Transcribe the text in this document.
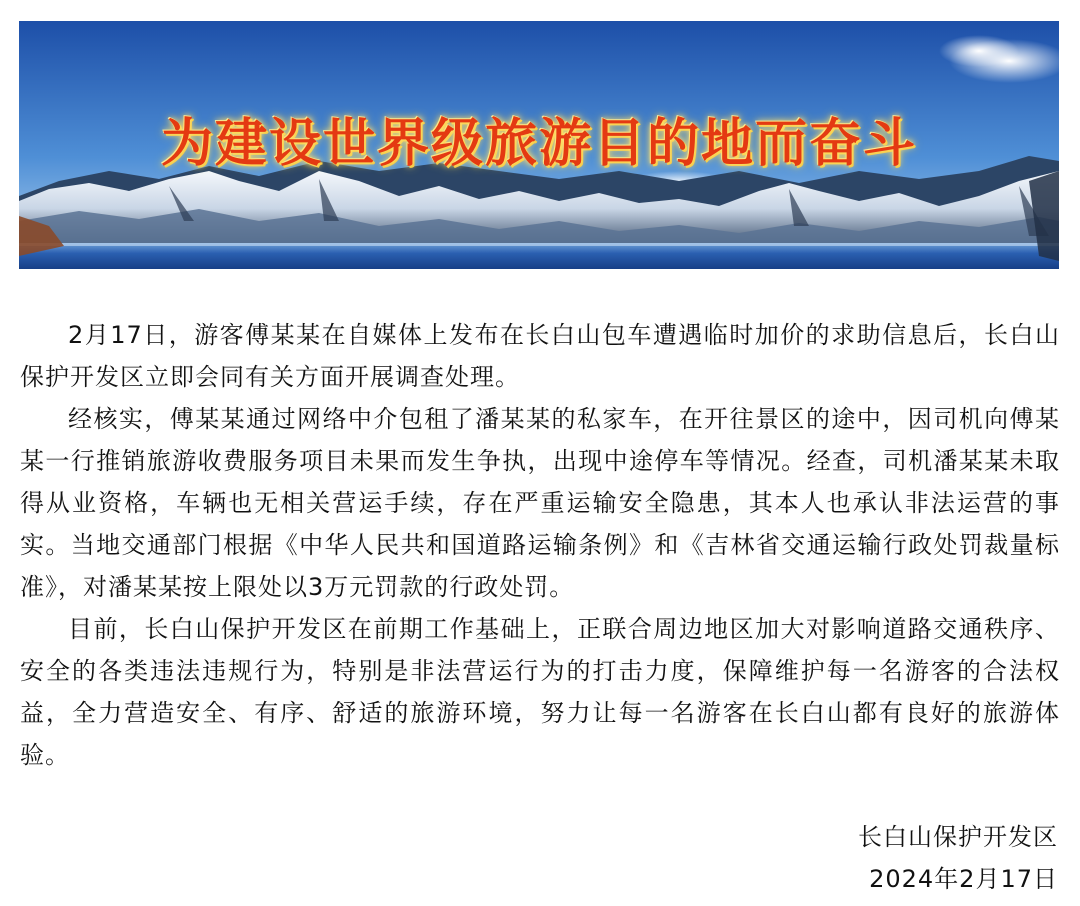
为建设世界级旅游目的地而奋斗

2月17日，游客傅某某在自媒体上发布在长白山包车遭遇临时加价的求助信息后，长白山保护开发区立即会同有关方面开展调查处理。

经核实，傅某某通过网络中介包租了潘某某的私家车，在开往景区的途中，因司机向傅某某一行推销旅游收费服务项目未果而发生争执，出现中途停车等情况。经查，司机潘某某未取得从业资格，车辆也无相关营运手续，存在严重运输安全隐患，其本人也承认非法运营的事实。当地交通部门根据《中华人民共和国道路运输条例》和《吉林省交通运输行政处罚裁量标准》，对潘某某按上限处以3万元罚款的行政处罚。

目前，长白山保护开发区在前期工作基础上，正联合周边地区加大对影响道路交通秩序、安全的各类违法违规行为，特别是非法营运行为的打击力度，保障维护每一名游客的合法权益，全力营造安全、有序、舒适的旅游环境，努力让每一名游客在长白山都有良好的旅游体验。

长白山保护开发区
2024年2月17日
